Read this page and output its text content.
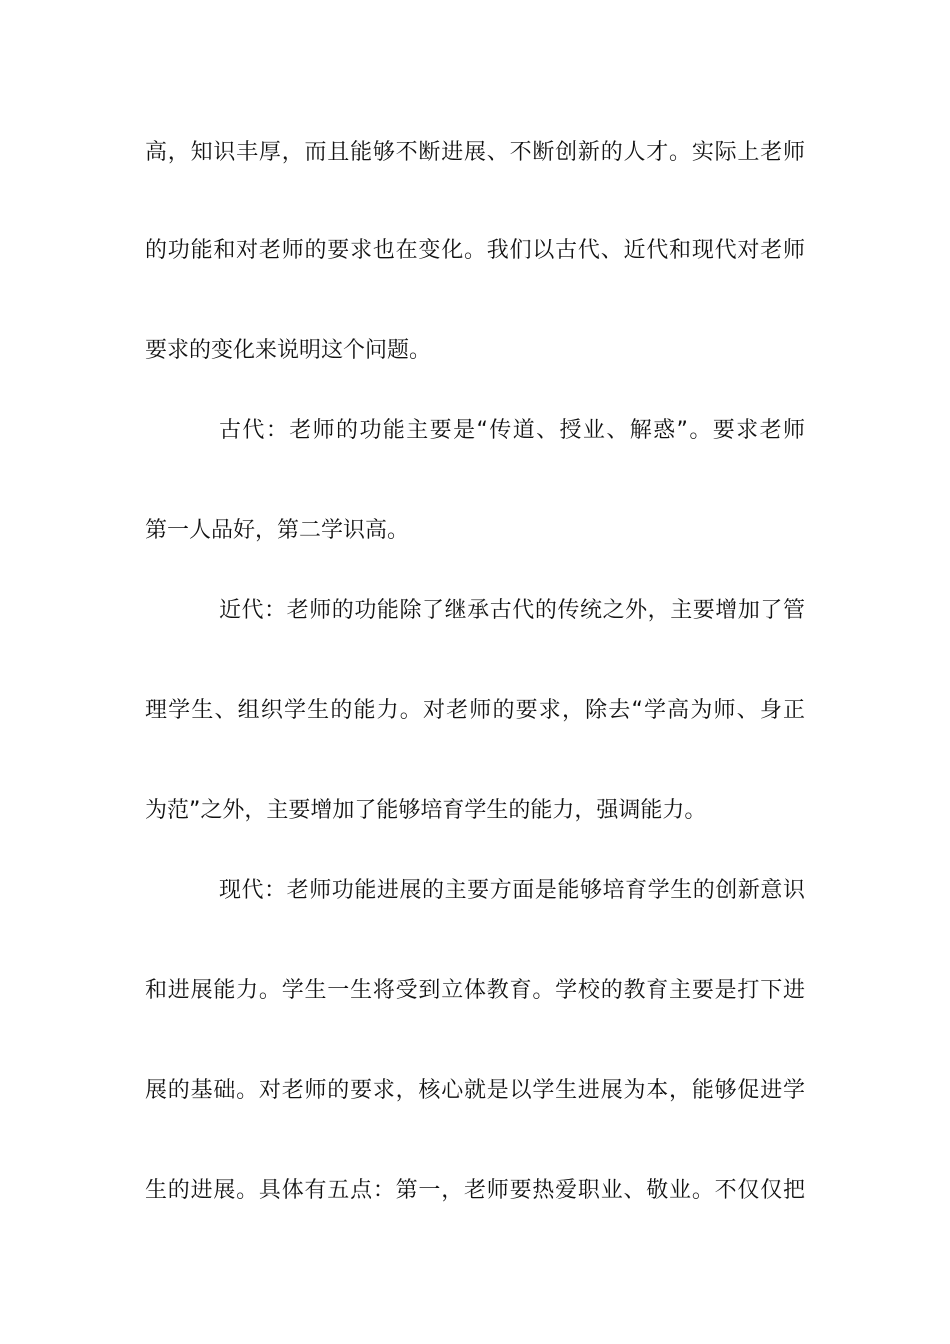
高，知识丰厚，而且能够不断进展、不断创新的人才。实际上老师
的功能和对老师的要求也在变化。我们以古代、近代和现代对老师
要求的变化来说明这个问题。
古代：老师的功能主要是“传道、授业、解惑”。要求老师
第一人品好，第二学识高。
近代：老师的功能除了继承古代的传统之外，主要增加了管
理学生、组织学生的能力。对老师的要求，除去“学高为师、身正
为范”之外，主要增加了能够培育学生的能力，强调能力。
现代：老师功能进展的主要方面是能够培育学生的创新意识
和进展能力。学生一生将受到立体教育。学校的教育主要是打下进
展的基础。对老师的要求，核心就是以学生进展为本，能够促进学
生的进展。具体有五点：第一，老师要热爱职业、敬业。不仅仅把
